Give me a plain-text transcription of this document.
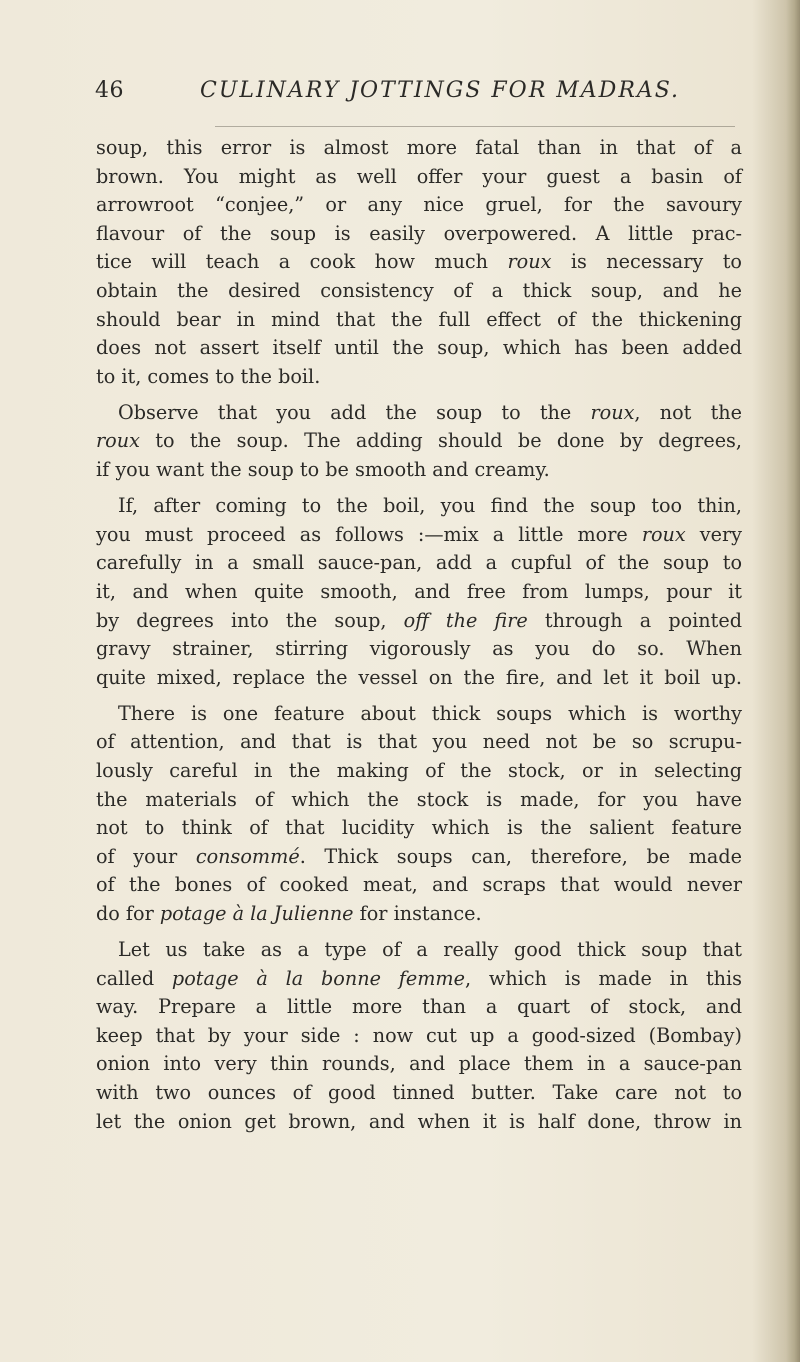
46	CULINARY JOTTINGS FOR MADRAS.
soup, this error is almost more fatal than in that of a
brown. You might as well offer your guest a basin of
arrowroot “conjee,” or any nice gruel, for the savoury
flavour of the soup is easily overpowered. A little prac-
tice will teach a cook how much roux is necessary to
obtain the desired consistency of a thick soup, and he
should bear in mind that the full effect of the thickening
does not assert itself until the soup, which has been added
to it, comes to the boil.
Observe that you add the soup to the roux, not the
roux to the soup. The adding should be done by degrees,
if you want the soup to be smooth and creamy.
If, after coming to the boil, you find the soup too thin,
you must proceed as follows :—mix a little more roux very
carefully in a small sauce-pan, add a cupful of the soup to
it, and when quite smooth, and free from lumps, pour it
by degrees into the soup, off the fire through a pointed
gravy strainer, stirring vigorously as you do so. When
quite mixed, replace the vessel on the fire, and let it boil up.
There is one feature about thick soups which is worthy
of attention, and that is that you need not be so scrupu-
lously careful in the making of the stock, or in selecting
the materials of which the stock is made, for you have
not to think of that lucidity which is the salient feature
of your consommé. Thick soups can, therefore, be made
of the bones of cooked meat, and scraps that would never
do for potage à la Julienne for instance.
Let us take as a type of a really good thick soup that
called potage à la bonne femme, which is made in this
way. Prepare a little more than a quart of stock, and
keep that by your side : now cut up a good-sized (Bombay)
onion into very thin rounds, and place them in a sauce-pan
with two ounces of good tinned butter. Take care not to
let the onion get brown, and when it is half done, throw in
